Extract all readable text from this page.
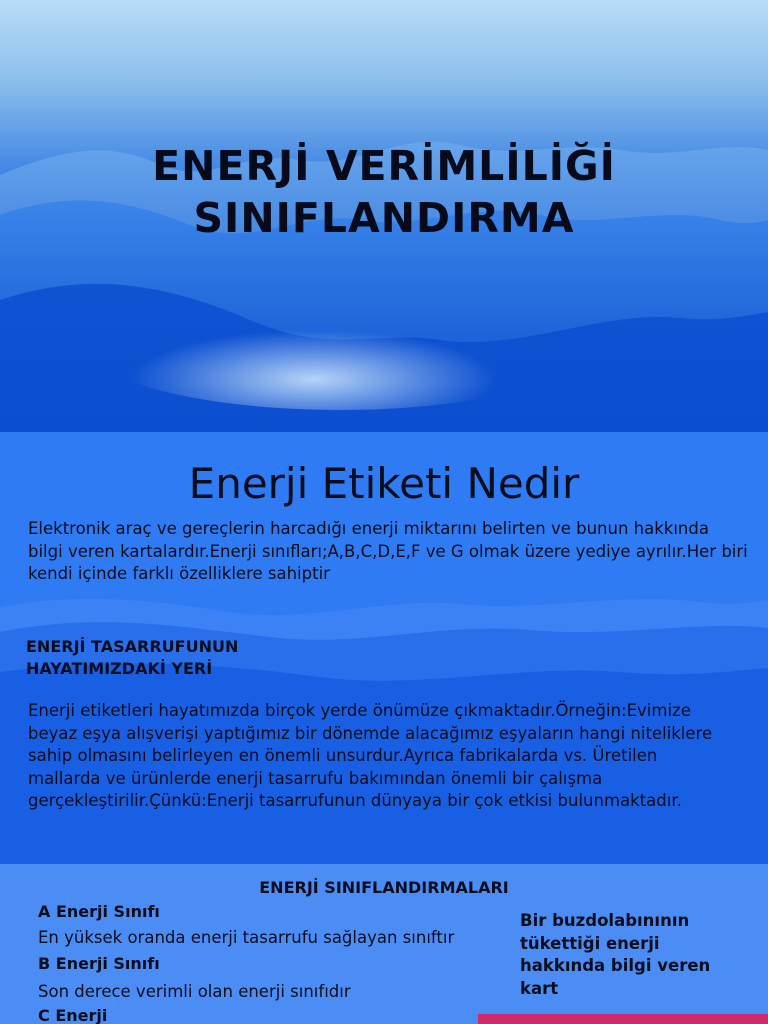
ENERJİ VERİMLİLİĞİ SINIFLANDIRMA
Enerji Etiketi Nedir

Elektronik araç ve gereçlerin harcadığı enerji miktarını belirten ve bunun hakkında bilgi veren kartalardır.Enerji sınıfları;A,B,C,D,E,F ve G olmak üzere yediye ayrılır.Her biri kendi içinde farklı özelliklere sahiptir

ENERJİ TASARRUFUNUN HAYATIMIZDAKİ YERİ

Enerji etiketleri hayatımızda birçok yerde önümüze çıkmaktadır.Örneğin:Evimize beyaz eşya alışverişi yaptığımız bir dönemde alacağımız eşyaların hangi niteliklere sahip olmasını belirleyen en önemli unsurdur.Ayrıca fabrikalarda vs. Üretilen mallarda ve ürünlerde enerji tasarrufu bakımından önemli bir çalışma gerçekleştirilir.Çünkü:Enerji tasarrufunun dünyaya bir çok etkisi bulunmaktadır.

ENERJİ SINIFLANDIRMALARI

A Enerji Sınıfı

En yüksek oranda enerji tasarrufu sağlayan sınıftır

B Enerji Sınıfı

Son derece verimli olan enerji sınıfıdır

C Enerji

Bir buzdolabınının tükettiği enerji hakkında bilgi veren kart
